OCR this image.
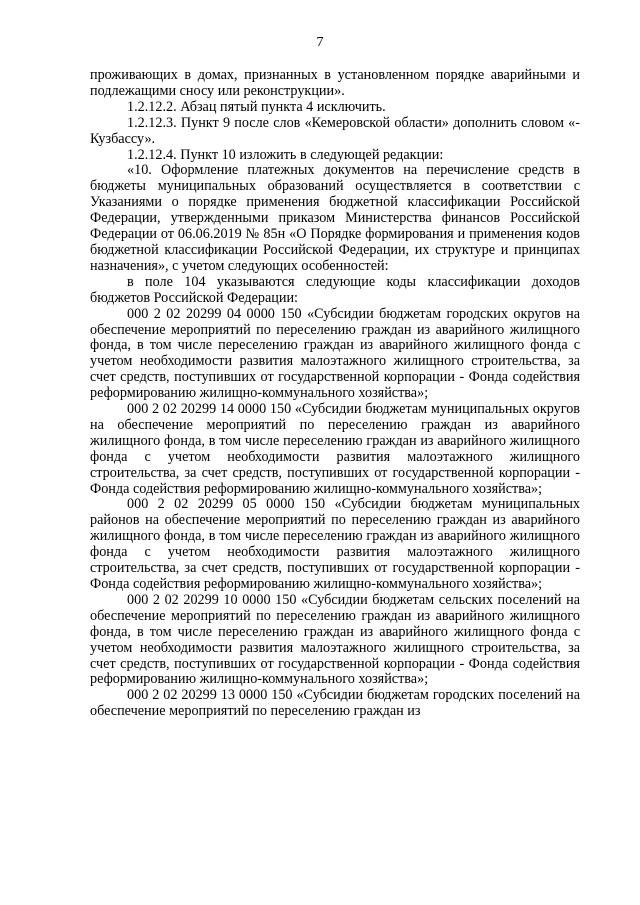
7

проживающих в домах, признанных в установленном порядке аварийными и подлежащими сносу или реконструкции».

1.2.12.2. Абзац пятый пункта 4 исключить.

1.2.12.3. Пункт 9 после слов «Кемеровской области» дополнить словом «- Кузбассу».

1.2.12.4. Пункт 10 изложить в следующей редакции:

«10. Оформление платежных документов на перечисление средств в бюджеты муниципальных образований осуществляется в соответствии с Указаниями о порядке применения бюджетной классификации Российской Федерации, утвержденными приказом Министерства финансов Российской Федерации от 06.06.2019 № 85н «О Порядке формирования и применения кодов бюджетной классификации Российской Федерации, их структуре и принципах назначения», с учетом следующих особенностей:

в поле 104 указываются следующие коды классификации доходов бюджетов Российской Федерации:

000 2 02 20299 04 0000 150 «Субсидии бюджетам городских округов на обеспечение мероприятий по переселению граждан из аварийного жилищного фонда, в том числе переселению граждан из аварийного жилищного фонда с учетом необходимости развития малоэтажного жилищного строительства, за счет средств, поступивших от государственной корпорации - Фонда содействия реформированию жилищно-коммунального хозяйства»;

000 2 02 20299 14 0000 150 «Субсидии бюджетам муниципальных округов на обеспечение мероприятий по переселению граждан из аварийного жилищного фонда, в том числе переселению граждан из аварийного жилищного фонда с учетом необходимости развития малоэтажного жилищного строительства, за счет средств, поступивших от государственной корпорации - Фонда содействия реформированию жилищно-коммунального хозяйства»;

000 2 02 20299 05 0000 150 «Субсидии бюджетам муниципальных районов на обеспечение мероприятий по переселению граждан из аварийного жилищного фонда, в том числе переселению граждан из аварийного жилищного фонда с учетом необходимости развития малоэтажного жилищного строительства, за счет средств, поступивших от государственной корпорации - Фонда содействия реформированию жилищно-коммунального хозяйства»;

000 2 02 20299 10 0000 150 «Субсидии бюджетам сельских поселений на обеспечение мероприятий по переселению граждан из аварийного жилищного фонда, в том числе переселению граждан из аварийного жилищного фонда с учетом необходимости развития малоэтажного жилищного строительства, за счет средств, поступивших от государственной корпорации - Фонда содействия реформированию жилищно-коммунального хозяйства»;

000 2 02 20299 13 0000 150 «Субсидии бюджетам городских поселений на обеспечение мероприятий по переселению граждан из
